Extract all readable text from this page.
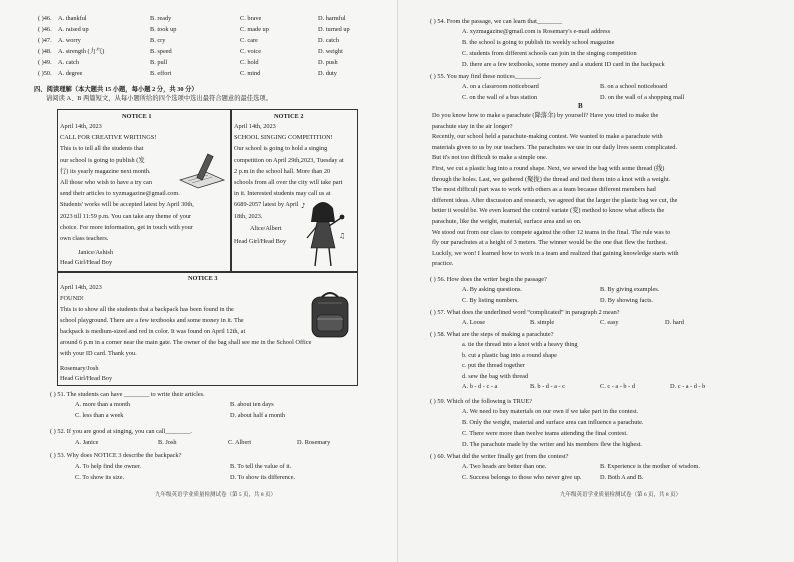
( )46. A. thankful	B. ready	C. brave	D. harmful
( )46. A. raised up	B. took up	C. made up	D. turned up
( )47. A. worry	B. cry	C. care	D. catch
( )48. A. strength (力气)	B. speed	C. voice	D. weight
( )49. A. catch	B. pull	C. hold	D. push
( )50. A. degree	B. effort	C. mind	D. duty
四、阅读理解（本大题共 15 小题，每小题 2 分，共 30 分）
请阅读 A、B 两篇短文，从每小题所给的四个选项中选出最符合题意的最佳选项。
NOTICE 1
April 14th, 2023
CALL FOR CREATIVE WRITINGS!
This is to tell all the students that
our school is going to publish (发
行) its yearly magazine next month.
All those who wish to have a try can
send their articles to xyzmagazine@gmail.com.
Students' works will be accepted latest by April 30th,
2023 till 11:59 p.m. You can take any theme of your
choice. For more information, get in touch with your
own class teachers.
Janice/Ashish
Head Girl/Head Boy
NOTICE 2
April 14th, 2023
SCHOOL SINGING COMPETITION!
Our school is going to hold a singing
competition on April 29th,2023, Tuesday at
2 p.m in the school hall. More than 20
schools from all over the city will take part
in it. Interested students may call us at
6689-2057 latest by April
18th, 2023.
Alice/Albert
Head Girl/Head Boy
♪
♫
NOTICE 3
April 14th, 2023
FOUND!
This is to show all the students that a backpack has been found in the
school playground. There are a few textbooks and some money in it. The
backpack is medium-sized and red in color. It was found on April 12th, at
around 6 p.m in a corner near the main gate. The owner of the bag shall see me in the School Office
with your ID card. Thank you.
Rosemary/Josh
Head Girl/Head Boy
( ) 51. The students can have ________ to write their articles.
A. more than a month	B. about ten days
C. less than a week	D. about half a month
( ) 52. If you are good at singing, you can call________.
A. Janice	B. Josh	C. Albert	D. Rosemary
( ) 53. Why does NOTICE 3 describe the backpack?
A. To help find the owner.	B. To tell the value of it.
C. To show its size.	D. To show its difference.
九年级英语学业质量检测试卷（第 5 页，共 8 页）
( ) 54. From the passage, we can learn that________
A. xyzmagazine@gmail.com is Rosemary's e-mail address
B. the school is going to publish its weekly school magazine
C. students from different schools can join in the singing competition
D. there are a few textbooks, some money and a student ID card in the backpack
( ) 55. You may find these notices________.
A. on a classroom noticeboard	B. on a school noticeboard
C. on the wall of a bus station	D. on the wall of a shopping mall
B
Do you know how to make a parachute (降落伞) by yourself? Have you tried to make the
parachute stay in the air longer?
Recently, our school held a parachute-making contest. We wanted to make a parachute with
materials given to us by our teachers. The parachutes we use in our daily lives seem complicated.
But it's not too difficult to make a simple one.
First, we cut a plastic bag into a round shape. Next, we sewed the bag with some thread (线)
through the holes. Last, we gathered (聚拢) the thread and tied them into a knot with a weight.
The most difficult part was to work with others as a team because different members had
different ideas. After discussion and research, we agreed that the larger the plastic bag we cut, the
better it would be. We even learned the control variate (变) method to know what affects the
parachute, like the weight, material, surface area and so on.
We stood out from our class to compete against the other 12 teams in the final. The rule was to
fly our parachutes at a height of 3 meters. The winner would be the one that flew the furthest.
Luckily, we won! I learned how to work in a team and realized that gaining knowledge starts with
practice.
( ) 56. How does the writer begin the passage?
A. By asking questions.	B. By giving examples.
C. By listing numbers.	D. By showing facts.
( ) 57. What does the underlined word “complicated” in paragraph 2 mean?
A. Loose	B. simple	C. easy	D. hard
( ) 58. What are the steps of making a parachute?
a. tie the thread into a knot with a heavy thing
b. cut a plastic bag into a round shape
c. put the thread together
d. sew the bag with thread
A. b - d - c - a	B. b - d - a - c	C. c - a - b - d	D. c - a - d - b
( ) 59. Which of the following is TRUE?
A. We need to buy materials on our own if we take part in the contest.
B. Only the weight, material and surface area can influence a parachute.
C. There were more than twelve teams attending the final contest.
D. The parachute made by the writer and his members flew the highest.
( ) 60. What did the writer finally get from the contest?
A. Two heads are better than one.	B. Experience is the mother of wisdom.
C. Success belongs to those who never give up.	D. Both A and B.
九年级英语学业质量检测试卷（第 6 页，共 8 页）
